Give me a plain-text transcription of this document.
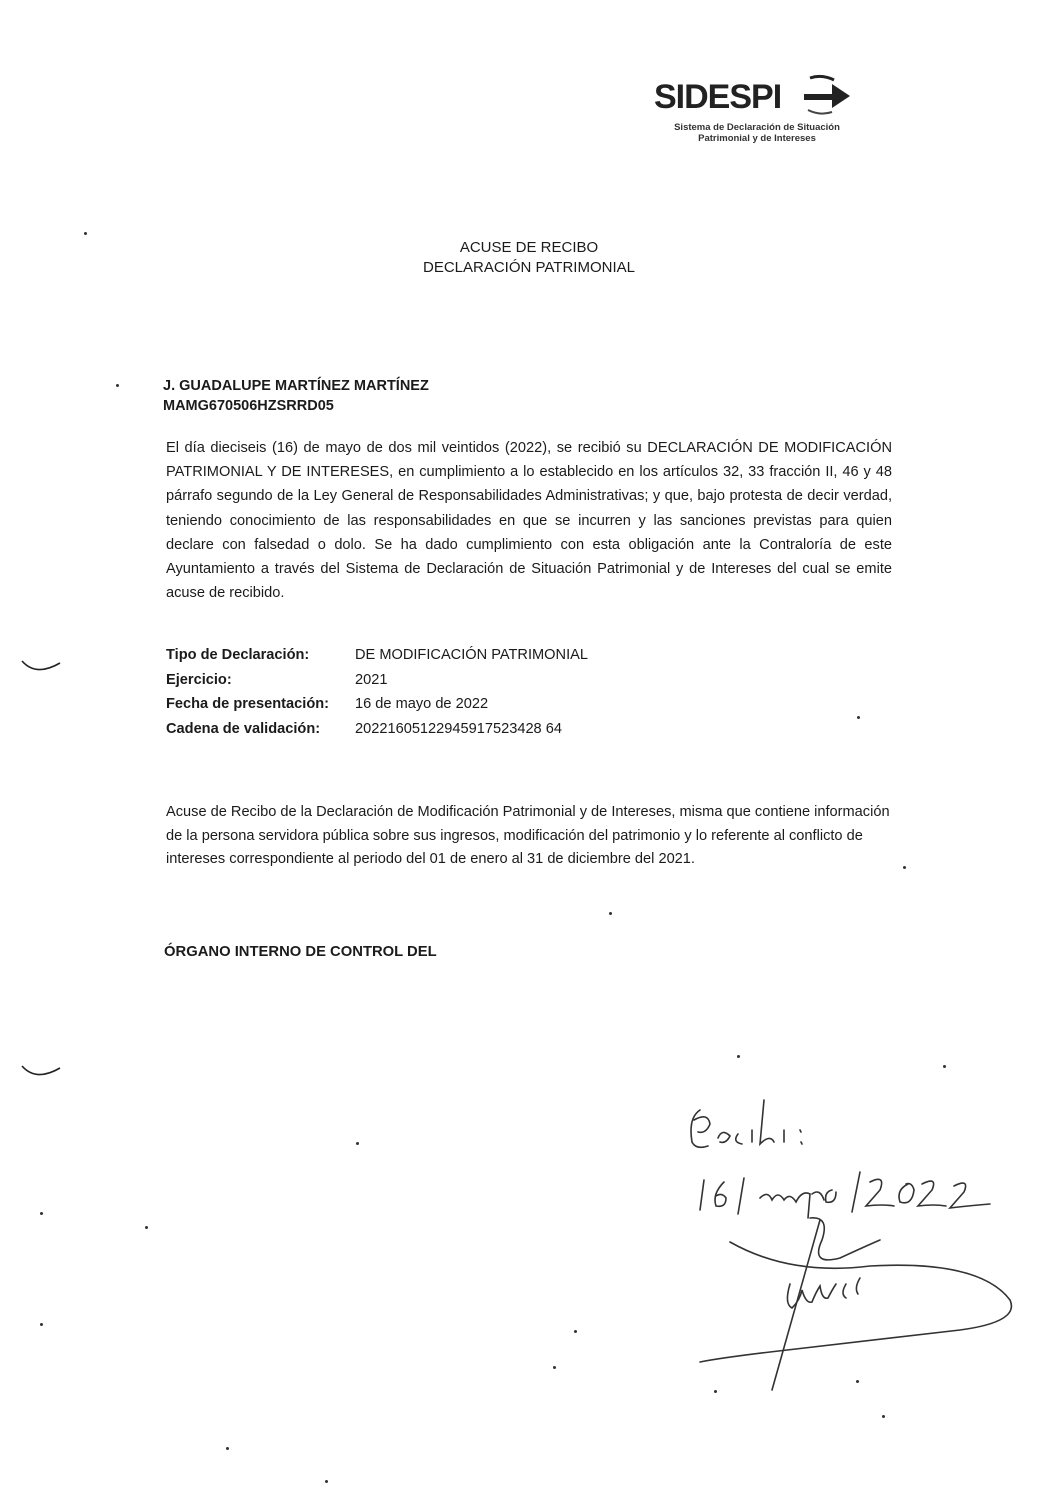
SIDESPI
Sistema de Declaración de Situación
Patrimonial y de Intereses
ACUSE DE RECIBO
DECLARACIÓN PATRIMONIAL
J. GUADALUPE MARTÍNEZ MARTÍNEZ
MAMG670506HZSRRD05
El día dieciseis (16) de mayo de dos mil veintidos (2022), se recibió su DECLARACIÓN DE MODIFICACIÓN PATRIMONIAL Y DE INTERESES, en cumplimiento a lo establecido en los artículos 32, 33 fracción II, 46 y 48 párrafo segundo de la Ley General de Responsabilidades Administrativas; y que, bajo protesta de decir verdad, teniendo conocimiento de las responsabilidades en que se incurren y las sanciones previstas para quien declare con falsedad o dolo. Se ha dado cumplimiento con esta obligación ante la Contraloría de este Ayuntamiento a través del Sistema de Declaración de Situación Patrimonial y de Intereses del cual se emite acuse de recibido.
Tipo de Declaración:	DE MODIFICACIÓN PATRIMONIAL
Ejercicio:	2021
Fecha de presentación:	16 de mayo de 2022
Cadena de validación:	20221605122945917523428 64
Acuse de Recibo de la Declaración de Modificación Patrimonial y de Intereses, misma que contiene información de la persona servidora pública sobre sus ingresos, modificación del patrimonio y lo referente al conflicto de intereses correspondiente al periodo del 01 de enero al 31 de diciembre del 2021.
ÓRGANO INTERNO DE CONTROL DEL
